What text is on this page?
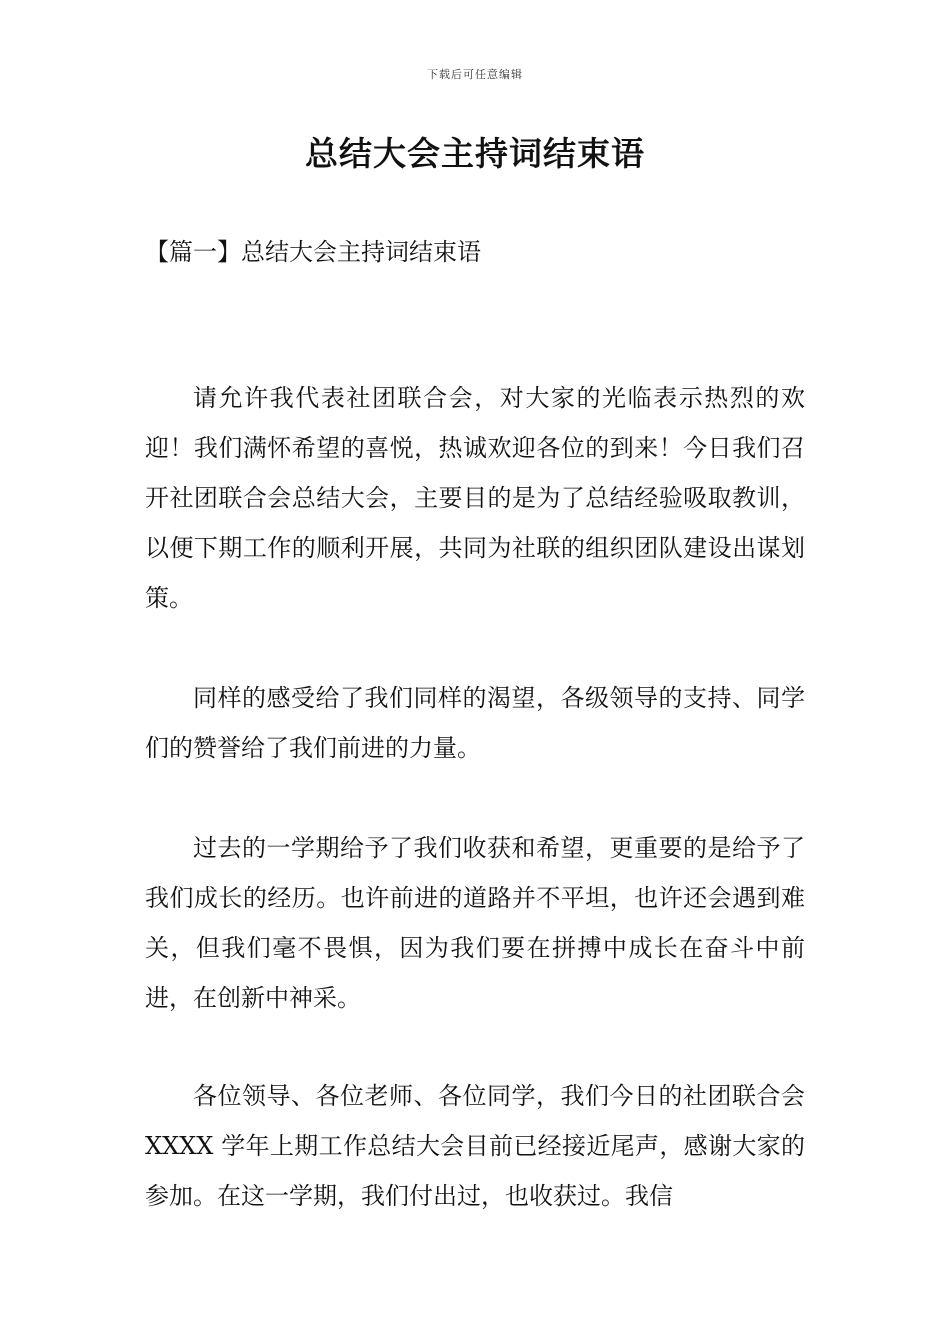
下载后可任意编辑
总结大会主持词结束语
【篇一】总结大会主持词结束语

请允许我代表社团联合会，对大家的光临表示热烈的欢迎！我们满怀希望的喜悦，热诚欢迎各位的到来！今日我们召开社团联合会总结大会，主要目的是为了总结经验吸取教训，以便下期工作的顺利开展，共同为社联的组织团队建设出谋划策。

同样的感受给了我们同样的渴望，各级领导的支持、同学们的赞誉给了我们前进的力量。

过去的一学期给予了我们收获和希望，更重要的是给予了我们成长的经历。也许前进的道路并不平坦，也许还会遇到难关，但我们毫不畏惧，因为我们要在拼搏中成长在奋斗中前进，在创新中神采。

各位领导、各位老师、各位同学，我们今日的社团联合会 XXXX 学年上期工作总结大会目前已经接近尾声，感谢大家的参加。在这一学期，我们付出过，也收获过。我信
